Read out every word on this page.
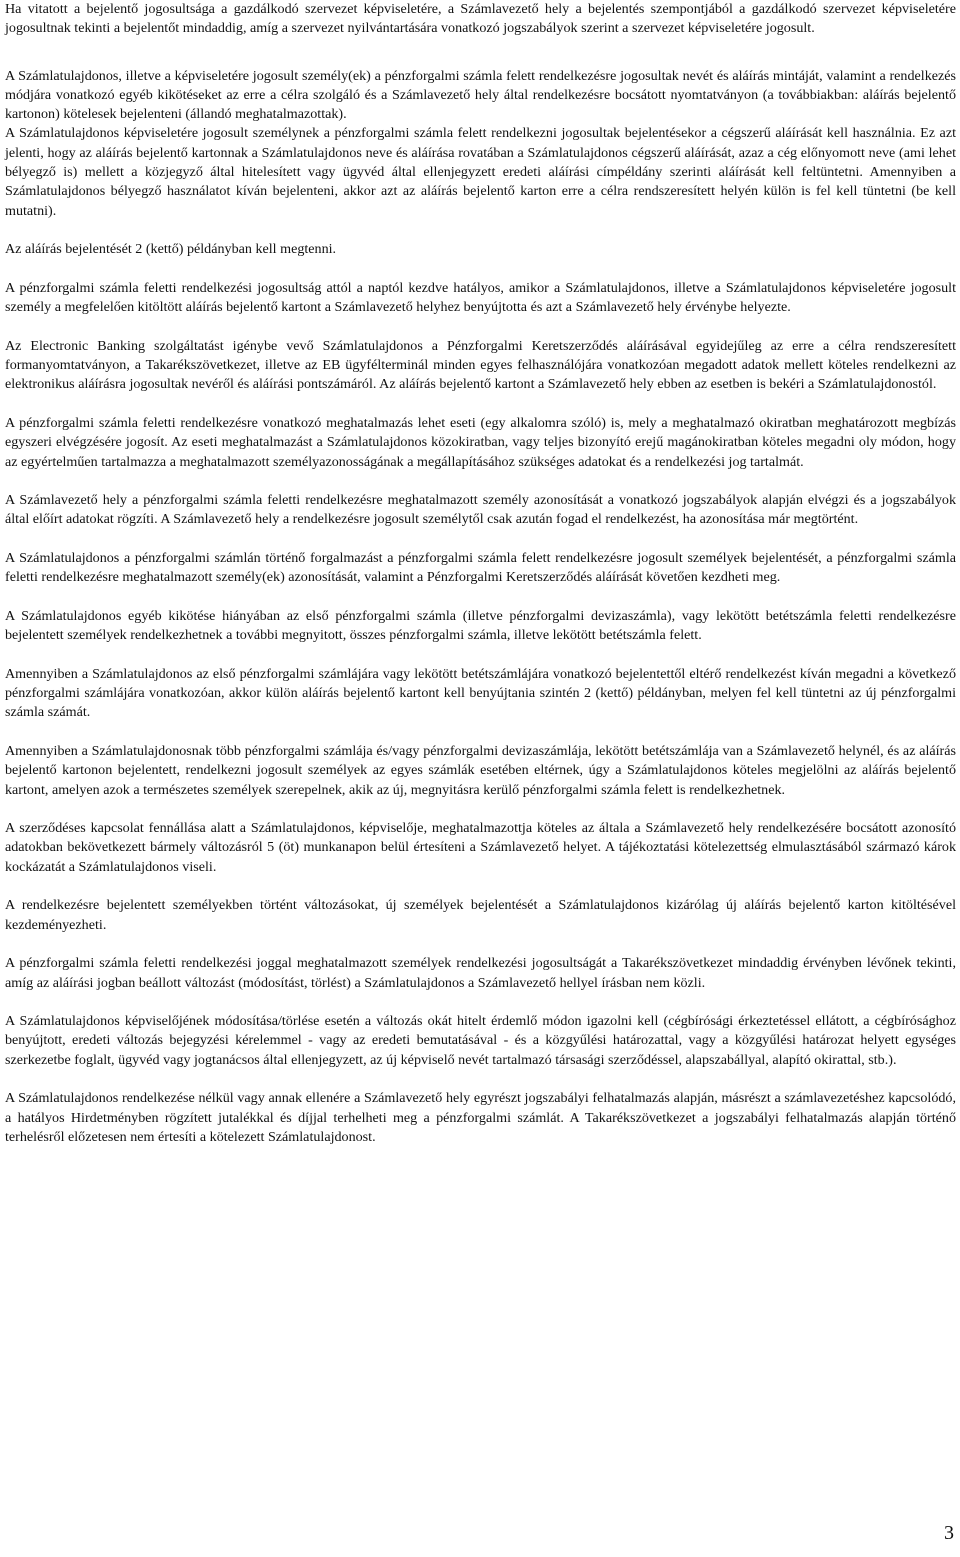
Ha vitatott a bejelentő jogosultsága a gazdálkodó szervezet képviseletére, a Számlavezető hely a bejelentés szempontjából a gazdálkodó szervezet képviseletére jogosultnak tekinti a bejelentőt mindaddig, amíg a szervezet nyilvántartására vonatkozó jogszabályok szerint a szervezet képviseletére jogosult.

A Számlatulajdonos, illetve a képviseletére jogosult személy(ek) a pénzforgalmi számla felett rendelkezésre jogosultak nevét és aláírás mintáját, valamint a rendelkezés módjára vonatkozó egyéb kikötéseket az erre a célra szolgáló és a Számlavezető hely által rendelkezésre bocsátott nyomtatványon (a továbbiakban: aláírás bejelentő kartonon) kötelesek bejelenteni (állandó meghatalmazottak).

A Számlatulajdonos képviseletére jogosult személynek a pénzforgalmi számla felett rendelkezni jogosultak bejelentésekor a cégszerű aláírását kell használnia. Ez azt jelenti, hogy az aláírás bejelentő kartonnak a Számlatulajdonos neve és aláírása rovatában a Számlatulajdonos cégszerű aláírását, azaz a cég előnyomott neve (ami lehet bélyegző is) mellett a közjegyző által hitelesített vagy ügyvéd által ellenjegyzett eredeti aláírási címpéldány szerinti aláírását kell feltüntetni. Amennyiben a Számlatulajdonos bélyegző használatot kíván bejelenteni, akkor azt az aláírás bejelentő karton erre a célra rendszeresített helyén külön is fel kell tüntetni (be kell mutatni).

Az aláírás bejelentését 2 (kettő) példányban kell megtenni.

A pénzforgalmi számla feletti rendelkezési jogosultság attól a naptól kezdve hatályos, amikor a Számlatulajdonos, illetve a Számlatulajdonos képviseletére jogosult személy a megfelelően kitöltött aláírás bejelentő kartont a Számlavezető helyhez benyújtotta és azt a Számlavezető hely érvénybe helyezte.

Az Electronic Banking szolgáltatást igénybe vevő Számlatulajdonos a Pénzforgalmi Keretszerződés aláírásával egyidejűleg az erre a célra rendszeresített formanyomtatványon, a Takarékszövetkezet, illetve az EB ügyfélterminál minden egyes felhasználójára vonatkozóan megadott adatok mellett köteles rendelkezni az elektronikus aláírásra jogosultak nevéről és aláírási pontszámáról. Az aláírás bejelentő kartont a Számlavezető hely ebben az esetben is bekéri a Számlatulajdonostól.

A pénzforgalmi számla feletti rendelkezésre vonatkozó meghatalmazás lehet eseti (egy alkalomra szóló) is, mely a meghatalmazó okiratban meghatározott megbízás egyszeri elvégzésére jogosít. Az eseti meghatalmazást a Számlatulajdonos közokiratban, vagy teljes bizonyító erejű magánokiratban köteles megadni oly módon, hogy az egyértelműen tartalmazza a meghatalmazott személyazonosságának a megállapításához szükséges adatokat és a rendelkezési jog tartalmát.

A Számlavezető hely a pénzforgalmi számla feletti rendelkezésre meghatalmazott személy azonosítását a vonatkozó jogszabályok alapján elvégzi és a jogszabályok által előírt adatokat rögzíti. A Számlavezető hely a rendelkezésre jogosult személytől csak azután fogad el rendelkezést, ha azonosítása már megtörtént.

A Számlatulajdonos a pénzforgalmi számlán történő forgalmazást a pénzforgalmi számla felett rendelkezésre jogosult személyek bejelentését, a pénzforgalmi számla feletti rendelkezésre meghatalmazott személy(ek) azonosítását, valamint a Pénzforgalmi Keretszerződés aláírását követően kezdheti meg.

A Számlatulajdonos egyéb kikötése hiányában az első pénzforgalmi számla (illetve pénzforgalmi devizaszámla), vagy lekötött betétszámla feletti rendelkezésre bejelentett személyek rendelkezhetnek a további megnyitott, összes pénzforgalmi számla, illetve lekötött betétszámla felett.

Amennyiben a Számlatulajdonos az első pénzforgalmi számlájára vagy lekötött betétszámlájára vonatkozó bejelentettől eltérő rendelkezést kíván megadni a következő pénzforgalmi számlájára vonatkozóan, akkor külön aláírás bejelentő kartont kell benyújtania szintén 2 (kettő) példányban, melyen fel kell tüntetni az új pénzforgalmi számla számát.

Amennyiben a Számlatulajdonosnak több pénzforgalmi számlája és/vagy pénzforgalmi devizaszámlája, lekötött betétszámlája van a Számlavezető helynél, és az aláírás bejelentő kartonon bejelentett, rendelkezni jogosult személyek az egyes számlák esetében eltérnek, úgy a Számlatulajdonos köteles megjelölni az aláírás bejelentő kartont, amelyen azok a természetes személyek szerepelnek, akik az új, megnyitásra kerülő pénzforgalmi számla felett is rendelkezhetnek.

A szerződéses kapcsolat fennállása alatt a Számlatulajdonos, képviselője, meghatalmazottja köteles az általa a Számlavezető hely rendelkezésére bocsátott azonosító adatokban bekövetkezett bármely változásról 5 (öt) munkanapon belül értesíteni a Számlavezető helyet. A tájékoztatási kötelezettség elmulasztásából származó károk kockázatát a Számlatulajdonos viseli.

A rendelkezésre bejelentett személyekben történt változásokat, új személyek bejelentését a Számlatulajdonos kizárólag új aláírás bejelentő karton kitöltésével kezdeményezheti.

A pénzforgalmi számla feletti rendelkezési joggal meghatalmazott személyek rendelkezési jogosultságát a Takarékszövetkezet mindaddig érvényben lévőnek tekinti, amíg az aláírási jogban beállott változást (módosítást, törlést) a Számlatulajdonos a Számlavezető hellyel írásban nem közli.

A Számlatulajdonos képviselőjének módosítása/törlése esetén a változás okát hitelt érdemlő módon igazolni kell (cégbírósági érkeztetéssel ellátott, a cégbírósághoz benyújtott, eredeti változás bejegyzési kérelemmel - vagy az eredeti bemutatásával - és a közgyűlési határozattal, vagy a közgyűlési határozat helyett egységes szerkezetbe foglalt, ügyvéd vagy jogtanácsos által ellenjegyzett, az új képviselő nevét tartalmazó társasági szerződéssel, alapszabállyal, alapító okirattal, stb.).

A Számlatulajdonos rendelkezése nélkül vagy annak ellenére a Számlavezető hely egyrészt jogszabályi felhatalmazás alapján, másrészt a számlavezetéshez kapcsolódó, a hatályos Hirdetményben rögzített jutalékkal és díjjal terhelheti meg a pénzforgalmi számlát. A Takarékszövetkezet a jogszabályi felhatalmazás alapján történő terhelésről előzetesen nem értesíti a kötelezett Számlatulajdonost.

3
